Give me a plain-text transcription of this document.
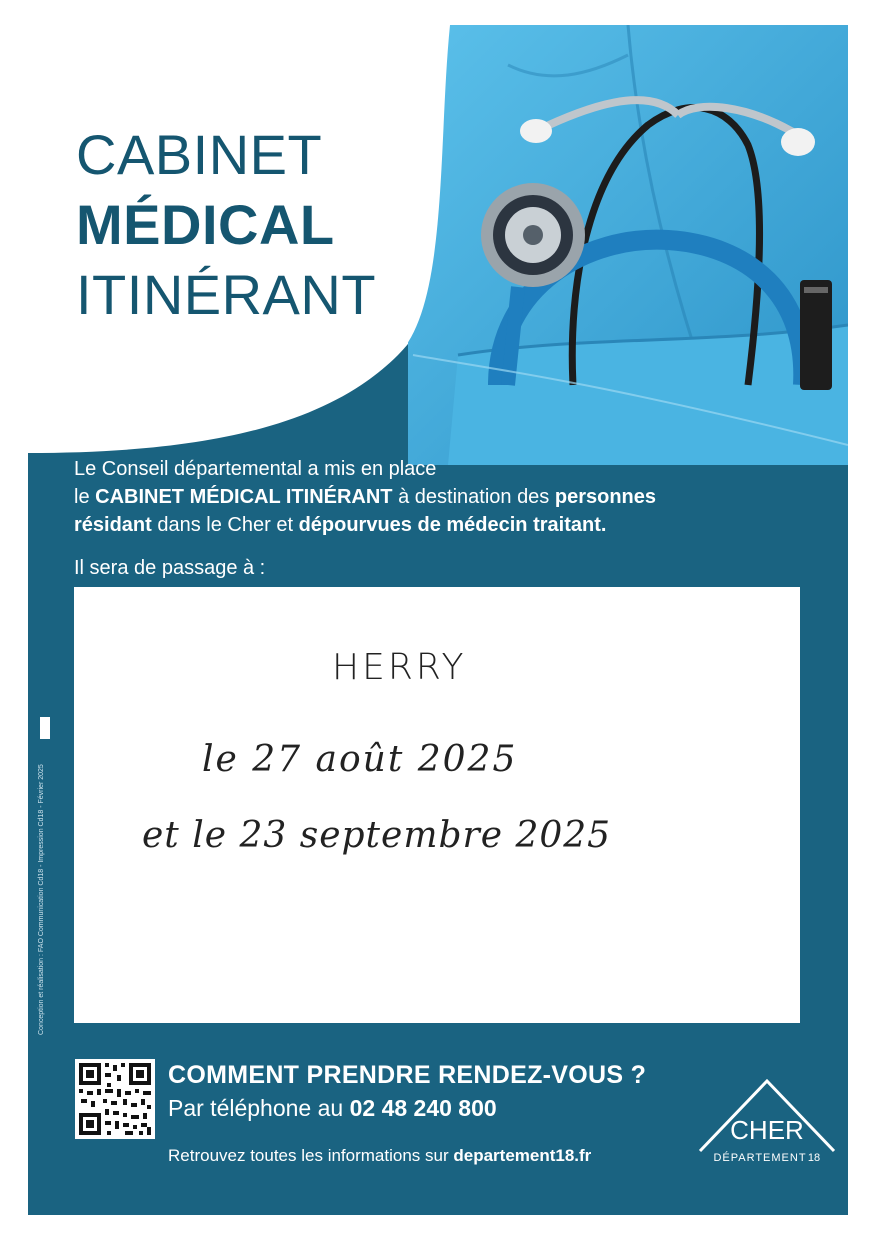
CABINET
MÉDICAL
ITINÉRANT
Le Conseil départemental a mis en place
le CABINET MÉDICAL ITINÉRANT à destination des personnes
résidant dans le Cher et dépourvues de médecin traitant.
Il sera de passage à :
HERRY
le 27 août 2025
et le 23 septembre 2025
Conception et réalisation : FAO Communication Cd18 - Impression Cd18 - Février 2025
COMMENT PRENDRE RENDEZ-VOUS ?
Par téléphone au 02 48 240 800
Retrouvez toutes les informations sur departement18.fr
CHER
DÉPARTEMENT 18
